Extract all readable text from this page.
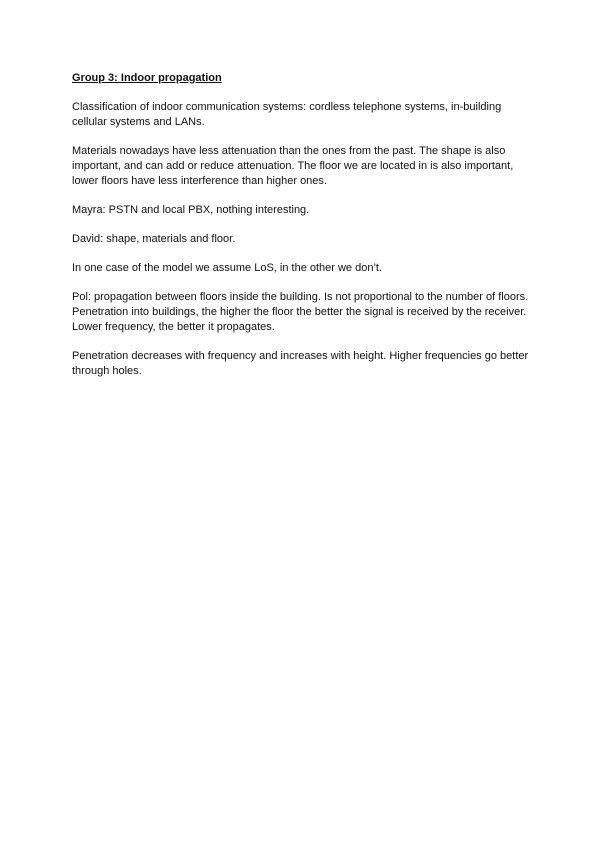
Group 3: Indoor propagation

Classification of indoor communication systems: cordless telephone systems, in-building cellular systems and LANs.

Materials nowadays have less attenuation than the ones from the past. The shape is also important, and can add or reduce attenuation. The floor we are located in is also important, lower floors have less interference than higher ones.

Mayra: PSTN and local PBX, nothing interesting.

David: shape, materials and floor.

In one case of the model we assume LoS, in the other we don’t.

Pol: propagation between floors inside the building. Is not proportional to the number of floors. Penetration into buildings, the higher the floor the better the signal is received by the receiver. Lower frequency, the better it propagates.

Penetration decreases with frequency and increases with height. Higher frequencies go better through holes.
